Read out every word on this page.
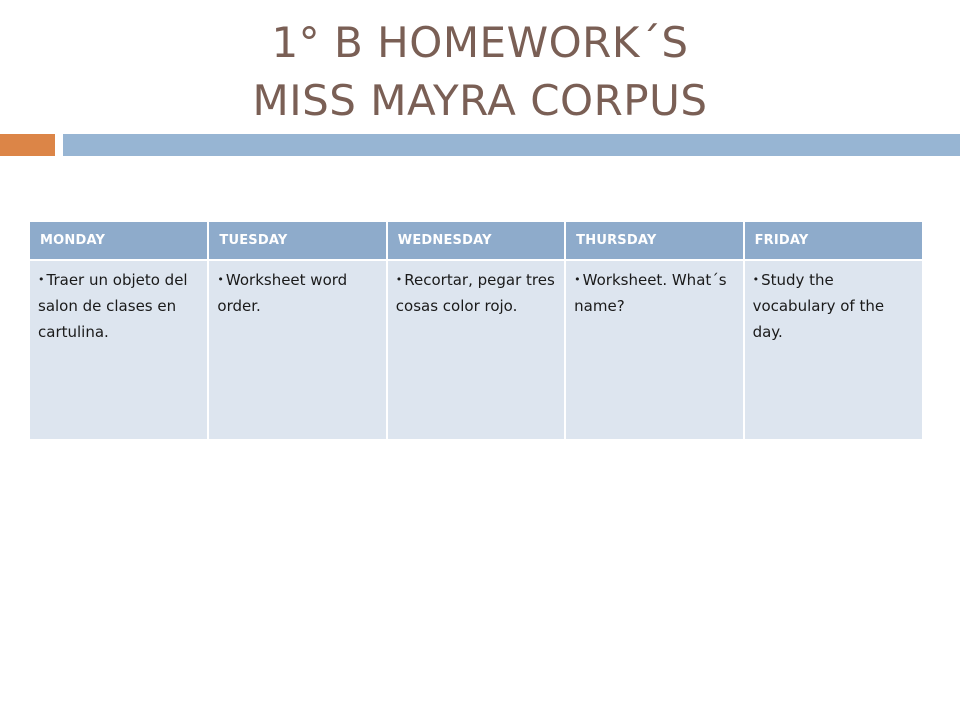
1° B HOMEWORK´S
MISS MAYRA CORPUS
MONDAY	TUESDAY	WEDNESDAY	THURSDAY	FRIDAY
• Traer un objeto del salon de clases en cartulina.	• Worksheet word order.	• Recortar, pegar tres cosas color rojo.	• Worksheet. What´s name?	• Study the vocabulary of the day.
